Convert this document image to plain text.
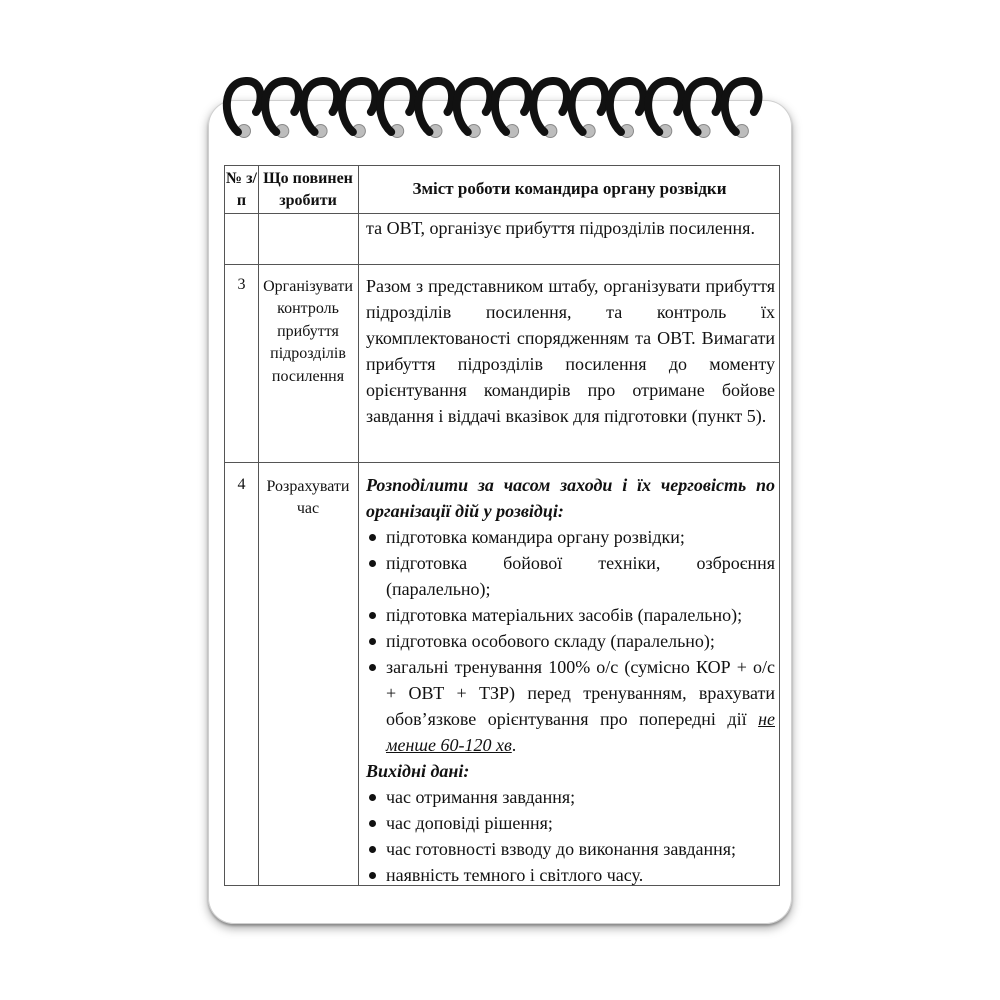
№ з/п
Що повинен зробити
Зміст роботи командира органу розвідки
та ОВТ, організує прибуття підрозділів посилення.
3	Організувати контроль прибуття підрозділів посилення
Разом з представником штабу, організувати прибуття підрозділів посилення, та контроль їх укомплектованості спорядженням та ОВТ. Вимагати прибуття підрозділів посилення до моменту орієнтування командирів про отримане бойове завдання і віддачі вказівок для підготовки (пункт 5).
4	Розрахувати час
Розподілити за часом заходи і їх черговість по організації дій у розвідці:
підготовка командира органу розвідки;
підготовка бойової техніки, озброєння (паралельно);
підготовка матеріальних засобів (паралельно);
підготовка особового складу (паралельно);
загальні тренування 100% о/с (сумісно КОР + о/с + ОВТ + ТЗР) перед тренуванням, врахувати обов’язкове орієнтування про попередні дії не менше 60-120 хв.
Вихідні дані:
час отримання завдання;
час доповіді рішення;
час готовності взводу до виконання завдання;
наявність темного і світлого часу.
